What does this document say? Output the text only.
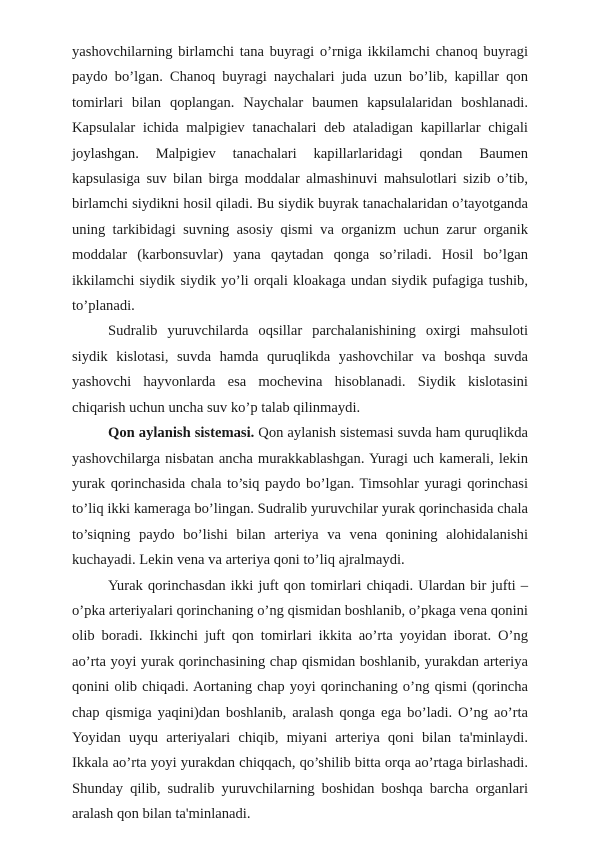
yashovchilarning birlamchi tana buyragi o’rniga ikkilamchi chanoq buyragi paydo bo’lgan. Chanoq buyragi naychalari juda uzun bo’lib, kapillar qon tomirlari bilan qoplangan. Naychalar baumen kapsulalaridan boshlanadi. Kapsulalar ichida malpigiev tanachalari deb ataladigan kapillarlar chigali joylashgan. Malpigiev tanachalari kapillarlaridagi qondan Baumen kapsulasiga suv bilan birga moddalar almashinuvi mahsulotlari sizib o’tib, birlamchi siydikni hosil qiladi. Bu siydik buyrak tanachalaridan o’tayotganda uning tarkibidagi suvning asosiy qismi va organizm uchun zarur organik moddalar (karbonsuvlar) yana qaytadan qonga so’riladi. Hosil bo’lgan ikkilamchi siydik siydik yo’li orqali kloakaga undan siydik pufagiga tushib, to’planadi.

Sudralib yuruvchilarda oqsillar parchalanishining oxirgi mahsuloti siydik kislotasi, suvda hamda quruqlikda yashovchilar va boshqa suvda yashovchi hayvonlarda esa mochevina hisoblanadi. Siydik kislotasini chiqarish uchun uncha suv ko’p talab qilinmaydi.

Qon aylanish sistemasi. Qon aylanish sistemasi suvda ham quruqlikda yashovchilarga nisbatan ancha murakkablashgan. Yuragi uch kamerali, lekin yurak qorinchasida chala to’siq paydo bo’lgan. Timsohlar yuragi qorinchasi to’liq ikki kameraga bo’lingan. Sudralib yuruvchilar yurak qorinchasida chala to’siqning paydo bo’lishi bilan arteriya va vena qonining alohidalanishi kuchayadi. Lekin vena va arteriya qoni to’liq ajralmaydi.

Yurak qorinchasdan ikki juft qon tomirlari chiqadi. Ulardan bir jufti – o’pka arteriyalari qorinchaning o’ng qismidan boshlanib, o’pkaga vena qonini olib boradi. Ikkinchi juft qon tomirlari ikkita ao’rta yoyidan iborat. O’ng ao’rta yoyi yurak qorinchasining chap qismidan boshlanib, yurakdan arteriya qonini olib chiqadi. Aortaning chap yoyi qorinchaning o’ng qismi (qorincha chap qismiga yaqini)dan boshlanib, aralash qonga ega bo’ladi. O’ng ao’rta Yoyidan uyqu arteriyalari chiqib, miyani arteriya qoni bilan ta'minlaydi. Ikkala ao’rta yoyi yurakdan chiqqach, qo’shilib bitta orqa ao’rtaga birlashadi. Shunday qilib, sudralib yuruvchilarning boshidan boshqa barcha organlari aralash qon bilan ta'minlanadi.
